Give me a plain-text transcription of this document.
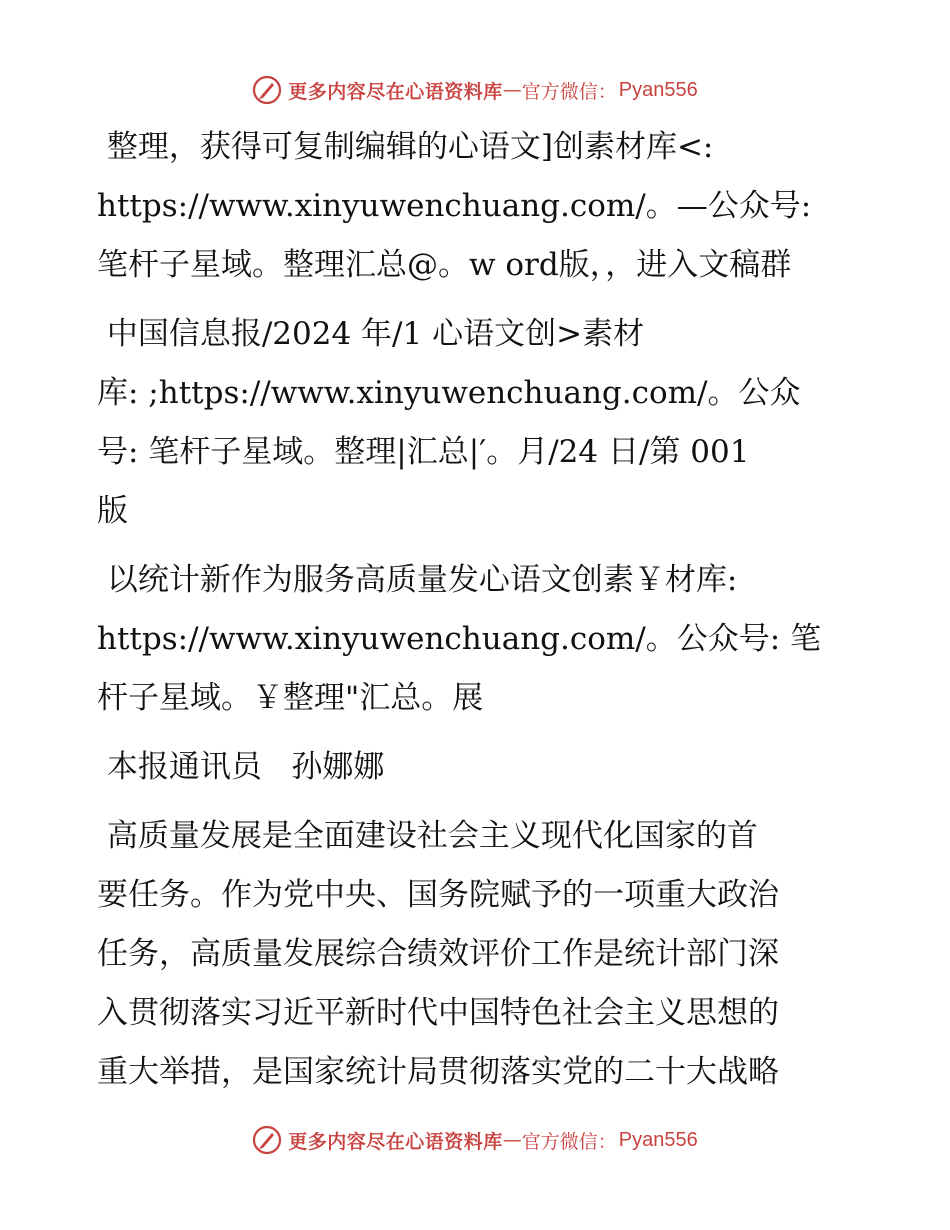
更多内容尽在心语资料库 — 官方微信： Pyan556
整理，获得可复制编辑的心语文]创素材库<:
https://www.xinyuwenchuang.com/。—公众号:
笔杆子星域。整理汇总@。w ord版，，进入文稿群
中国信息报/2024 年/1 心语文创>素材
库: ;https://www.xinyuwenchuang.com/。公众
号: 笔杆子星域。整理|汇总|′。月/24 日/第 001
版
以统计新作为服务高质量发心语文创素￥材库:
https://www.xinyuwenchuang.com/。公众号: 笔
杆子星域。￥整理"汇总。展
本报通讯员   孙娜娜
高质量发展是全面建设社会主义现代化国家的首
要任务。作为党中央、国务院赋予的一项重大政治
任务，高质量发展综合绩效评价工作是统计部门深
入贯彻落实习近平新时代中国特色社会主义思想的
重大举措，是国家统计局贯彻落实党的二十大战略
更多内容尽在心语资料库 — 官方微信： Pyan556
